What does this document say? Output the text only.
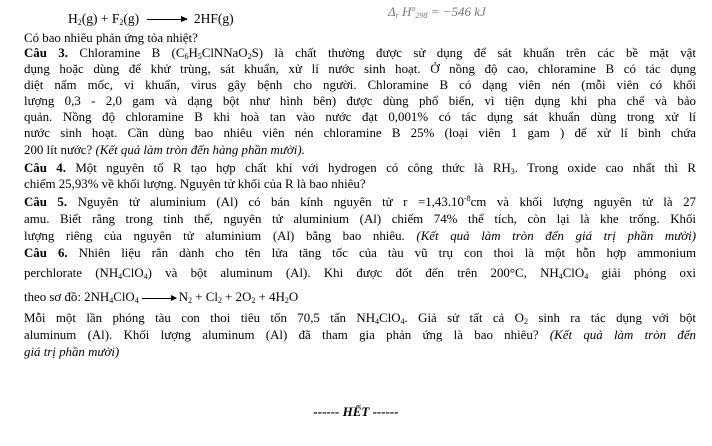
$H_2(g) + F_2(g)$	2HF(g)	$\Delta_r$ $H^o_{298} = -546$ kJ
Có bao nhiêu phản ứng tỏa nhiệt?
Câu 3. Chloramine B $(C_6H_5ClNNaO_2S)$ là chất thường được sử dụng để sát khuẩn trên các bề mặt vật
dụng hoặc dùng để khử trùng, sát khuẩn, xử lí nước sinh hoạt. Ở nồng độ cao, chloramine B có tác dụng
diệt nấm mốc, vi khuẩn, virus gây bệnh cho người. Chloramine B có dạng viên nén (mỗi viên có khối
lượng 0,3 - 2,0 gam và dạng bột như hình bên) được dùng phổ biến, vì tiện dụng khi pha chế và bảo
quản. Nồng độ chloramine B khi hoà tan vào nước đạt 0,001% có tác dụng sát khuẩn dùng trong xử lí
nước sinh hoạt. Cần dùng bao nhiêu viên nén chloramine B 25% (loại viên 1 gam ) để xử lí bình chứa
200 lít nước? (Kết quả làm tròn đến hàng phần mười).
Câu 4. Một nguyên tố R tạo hợp chất khí với hydrogen có công thức là $RH_3$. Trong oxide cao nhất thì R
chiếm 25,93% về khối lượng. Nguyên tử khối của R là bao nhiêu?
Câu 5. Nguyên tử aluminium (Al) có bán kính nguyên tử $r =1,43.10^{-8}cm$ và khối lượng nguyên tử là 27
amu. Biết rằng trong tinh thể, nguyên tử aluminium (Al) chiếm 74% thể tích, còn lại là khe trống. Khối
lượng riêng của nguyên tử aluminium (Al) bằng bao nhiêu. (Kết quả làm tròn đến giá trị phần mười)
Câu 6. Nhiên liệu rắn dành cho tên lửa tăng tốc của tàu vũ trụ con thoi là một hỗn hợp ammonium
perchlorate $(NH_4ClO_4)$ và bột aluminum (Al). Khi được đốt đến trên 200°C, $NH_4ClO_4$ giải phóng oxi
theo sơ đồ: $2NH_4ClO_4$	$N_2 + Cl_2 + 2O_2 + 4H_2O$
Mỗi một lần phóng tàu con thoi tiêu tốn 70,5 tấn $NH_4ClO_4$. Giả sử tất cả $O_2$ sinh ra tác dụng với bột
aluminum (Al). Khối lượng aluminum (Al) đã tham gia phản ứng là bao nhiêu? (Kết quả làm tròn đến
giá trị phần mười)
------ HẾT ------
